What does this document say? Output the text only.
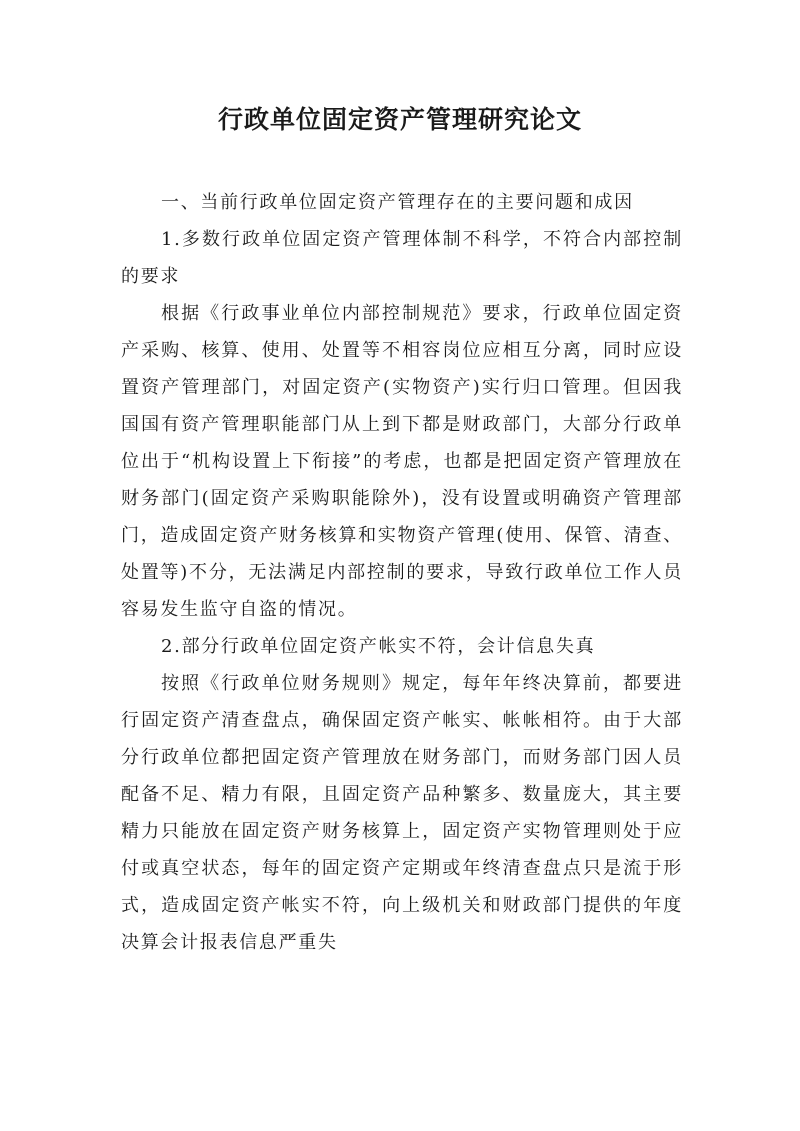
行政单位固定资产管理研究论文

一、当前行政单位固定资产管理存在的主要问题和成因

1.多数行政单位固定资产管理体制不科学，不符合内部控制的要求

根据《行政事业单位内部控制规范》要求，行政单位固定资产采购、核算、使用、处置等不相容岗位应相互分离，同时应设置资产管理部门，对固定资产(实物资产)实行归口管理。但因我国国有资产管理职能部门从上到下都是财政部门，大部分行政单位出于“机构设置上下衔接”的考虑，也都是把固定资产管理放在财务部门(固定资产采购职能除外)，没有设置或明确资产管理部门，造成固定资产财务核算和实物资产管理(使用、保管、清查、处置等)不分，无法满足内部控制的要求，导致行政单位工作人员容易发生监守自盗的情况。

2.部分行政单位固定资产帐实不符，会计信息失真

按照《行政单位财务规则》规定，每年年终决算前，都要进行固定资产清查盘点，确保固定资产帐实、帐帐相符。由于大部分行政单位都把固定资产管理放在财务部门，而财务部门因人员配备不足、精力有限，且固定资产品种繁多、数量庞大，其主要精力只能放在固定资产财务核算上，固定资产实物管理则处于应付或真空状态，每年的固定资产定期或年终清查盘点只是流于形式，造成固定资产帐实不符，向上级机关和财政部门提供的年度决算会计报表信息严重失
